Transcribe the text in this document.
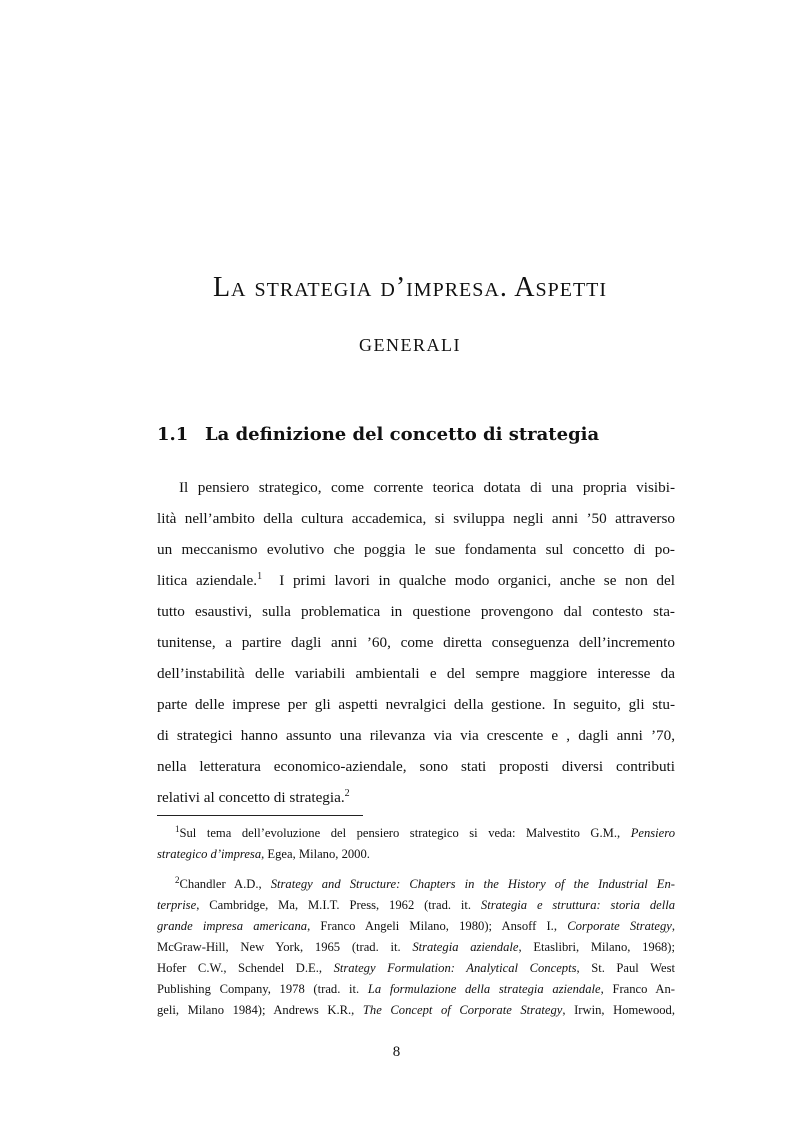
La strategia d’impresa. Aspetti
generali
1.1 La definizione del concetto di strategia
Il pensiero strategico, come corrente teorica dotata di una propria visibi-
lità nell’ambito della cultura accademica, si sviluppa negli anni ’50 attraverso
un meccanismo evolutivo che poggia le sue fondamenta sul concetto di po-
litica aziendale.$^1$ I primi lavori in qualche modo organici, anche se non del
tutto esaustivi, sulla problematica in questione provengono dal contesto sta-
tunitense, a partire dagli anni ’60, come diretta conseguenza dell’incremento
dell’instabilità delle variabili ambientali e del sempre maggiore interesse da
parte delle imprese per gli aspetti nevralgici della gestione. In seguito, gli stu-
di strategici hanno assunto una rilevanza via via crescente e , dagli anni ’70,
nella letteratura economico-aziendale, sono stati proposti diversi contributi
relativi al concetto di strategia.$^2$
$^1$Sul tema dell’evoluzione del pensiero strategico si veda: Malvestito G.M., Pensiero
strategico d’impresa, Egea, Milano, 2000.
$^2$Chandler A.D., Strategy and Structure: Chapters in the History of the Industrial En-
terprise, Cambridge, Ma, M.I.T. Press, 1962 (trad. it. Strategia e struttura: storia della
grande impresa americana, Franco Angeli Milano, 1980); Ansoff I., Corporate Strategy,
McGraw-Hill, New York, 1965 (trad. it. Strategia aziendale, Etaslibri, Milano, 1968);
Hofer C.W., Schendel D.E., Strategy Formulation: Analytical Concepts, St. Paul West
Publishing Company, 1978 (trad. it. La formulazione della strategia aziendale, Franco An-
geli, Milano 1984); Andrews K.R., The Concept of Corporate Strategy, Irwin, Homewood,
8
